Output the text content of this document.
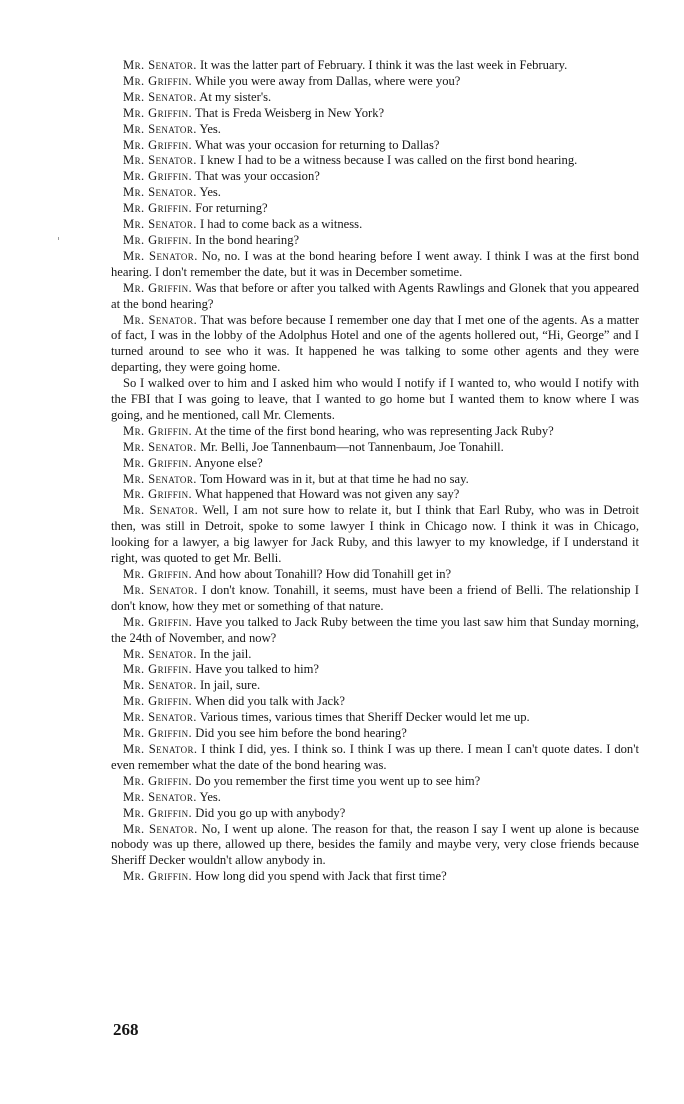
Mr. Senator. It was the latter part of February. I think it was the last week in February.

Mr. Griffin. While you were away from Dallas, where were you?

Mr. Senator. At my sister's.

Mr. Griffin. That is Freda Weisberg in New York?

Mr. Senator. Yes.

Mr. Griffin. What was your occasion for returning to Dallas?

Mr. Senator. I knew I had to be a witness because I was called on the first bond hearing.

Mr. Griffin. That was your occasion?

Mr. Senator. Yes.

Mr. Griffin. For returning?

Mr. Senator. I had to come back as a witness.

Mr. Griffin. In the bond hearing?

Mr. Senator. No, no. I was at the bond hearing before I went away. I think I was at the first bond hearing. I don't remember the date, but it was in December sometime.

Mr. Griffin. Was that before or after you talked with Agents Rawlings and Glonek that you appeared at the bond hearing?

Mr. Senator. That was before because I remember one day that I met one of the agents. As a matter of fact, I was in the lobby of the Adolphus Hotel and one of the agents hollered out, “Hi, George” and I turned around to see who it was. It happened he was talking to some other agents and they were departing, they were going home.

So I walked over to him and I asked him who would I notify if I wanted to, who would I notify with the FBI that I was going to leave, that I wanted to go home but I wanted them to know where I was going, and he mentioned, call Mr. Clements.

Mr. Griffin. At the time of the first bond hearing, who was representing Jack Ruby?

Mr. Senator. Mr. Belli, Joe Tannenbaum—not Tannenbaum, Joe Tonahill.

Mr. Griffin. Anyone else?

Mr. Senator. Tom Howard was in it, but at that time he had no say.

Mr. Griffin. What happened that Howard was not given any say?

Mr. Senator. Well, I am not sure how to relate it, but I think that Earl Ruby, who was in Detroit then, was still in Detroit, spoke to some lawyer I think in Chicago now. I think it was in Chicago, looking for a lawyer, a big lawyer for Jack Ruby, and this lawyer to my knowledge, if I understand it right, was quoted to get Mr. Belli.

Mr. Griffin. And how about Tonahill? How did Tonahill get in?

Mr. Senator. I don't know. Tonahill, it seems, must have been a friend of Belli. The relationship I don't know, how they met or something of that nature.

Mr. Griffin. Have you talked to Jack Ruby between the time you last saw him that Sunday morning, the 24th of November, and now?

Mr. Senator. In the jail.

Mr. Griffin. Have you talked to him?

Mr. Senator. In jail, sure.

Mr. Griffin. When did you talk with Jack?

Mr. Senator. Various times, various times that Sheriff Decker would let me up.

Mr. Griffin. Did you see him before the bond hearing?

Mr. Senator. I think I did, yes. I think so. I think I was up there. I mean I can't quote dates. I don't even remember what the date of the bond hearing was.

Mr. Griffin. Do you remember the first time you went up to see him?

Mr. Senator. Yes.

Mr. Griffin. Did you go up with anybody?

Mr. Senator. No, I went up alone. The reason for that, the reason I say I went up alone is because nobody was up there, allowed up there, besides the family and maybe very, very close friends because Sheriff Decker wouldn't allow anybody in.

Mr. Griffin. How long did you spend with Jack that first time?

268
